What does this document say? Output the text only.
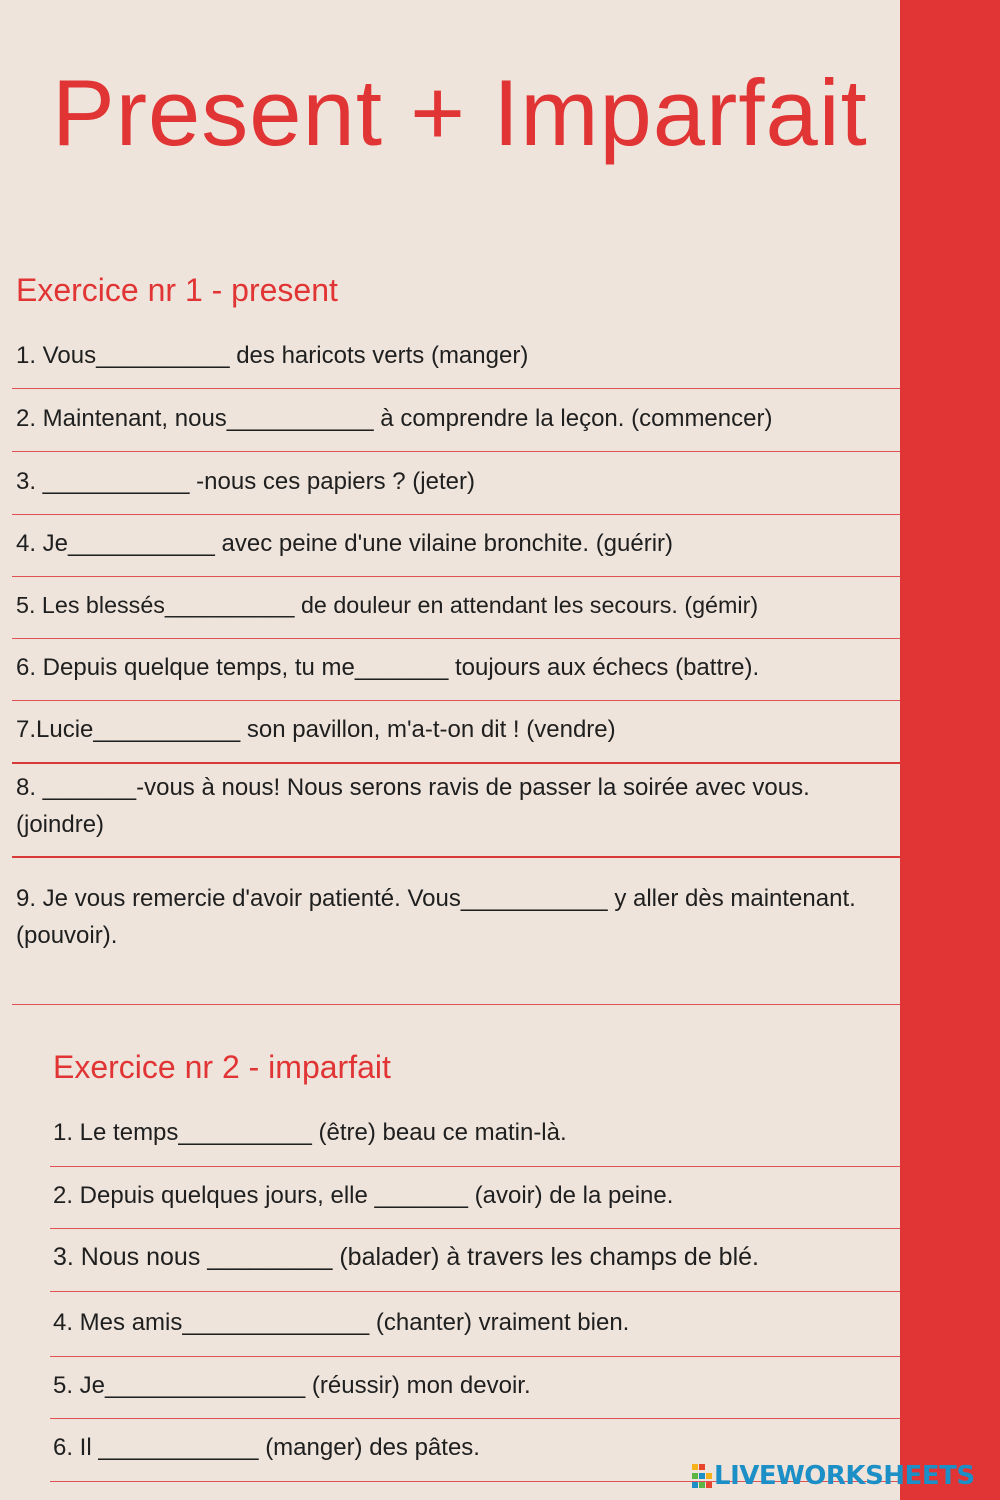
Present + Imparfait
Exercice nr 1 - present

1. Vous__________ des haricots verts (manger)

2. Maintenant, nous___________ à comprendre la leçon. (commencer)

3. ___________ -nous ces papiers ? (jeter)

4. Je___________ avec peine d'une vilaine bronchite. (guérir)

5. Les blessés__________ de douleur en attendant les secours. (gémir)

6. Depuis quelque temps, tu me_______ toujours aux échecs (battre).

7.Lucie___________ son pavillon, m'a-t-on dit ! (vendre)

8. _______-vous à nous! Nous serons ravis de passer la soirée avec vous. (joindre)

9. Je vous remercie d'avoir patienté. Vous___________ y aller dès maintenant. (pouvoir).

Exercice nr 2 - imparfait

1. Le temps__________ (être) beau ce matin-là.

2. Depuis quelques jours, elle _______ (avoir) de la peine.

3. Nous nous _________ (balader) à travers les champs de blé.

4. Mes amis______________ (chanter) vraiment bien.

5. Je_______________ (réussir) mon devoir.

6. Il ____________ (manger) des pâtes.

LIVEWORKSHEETS
